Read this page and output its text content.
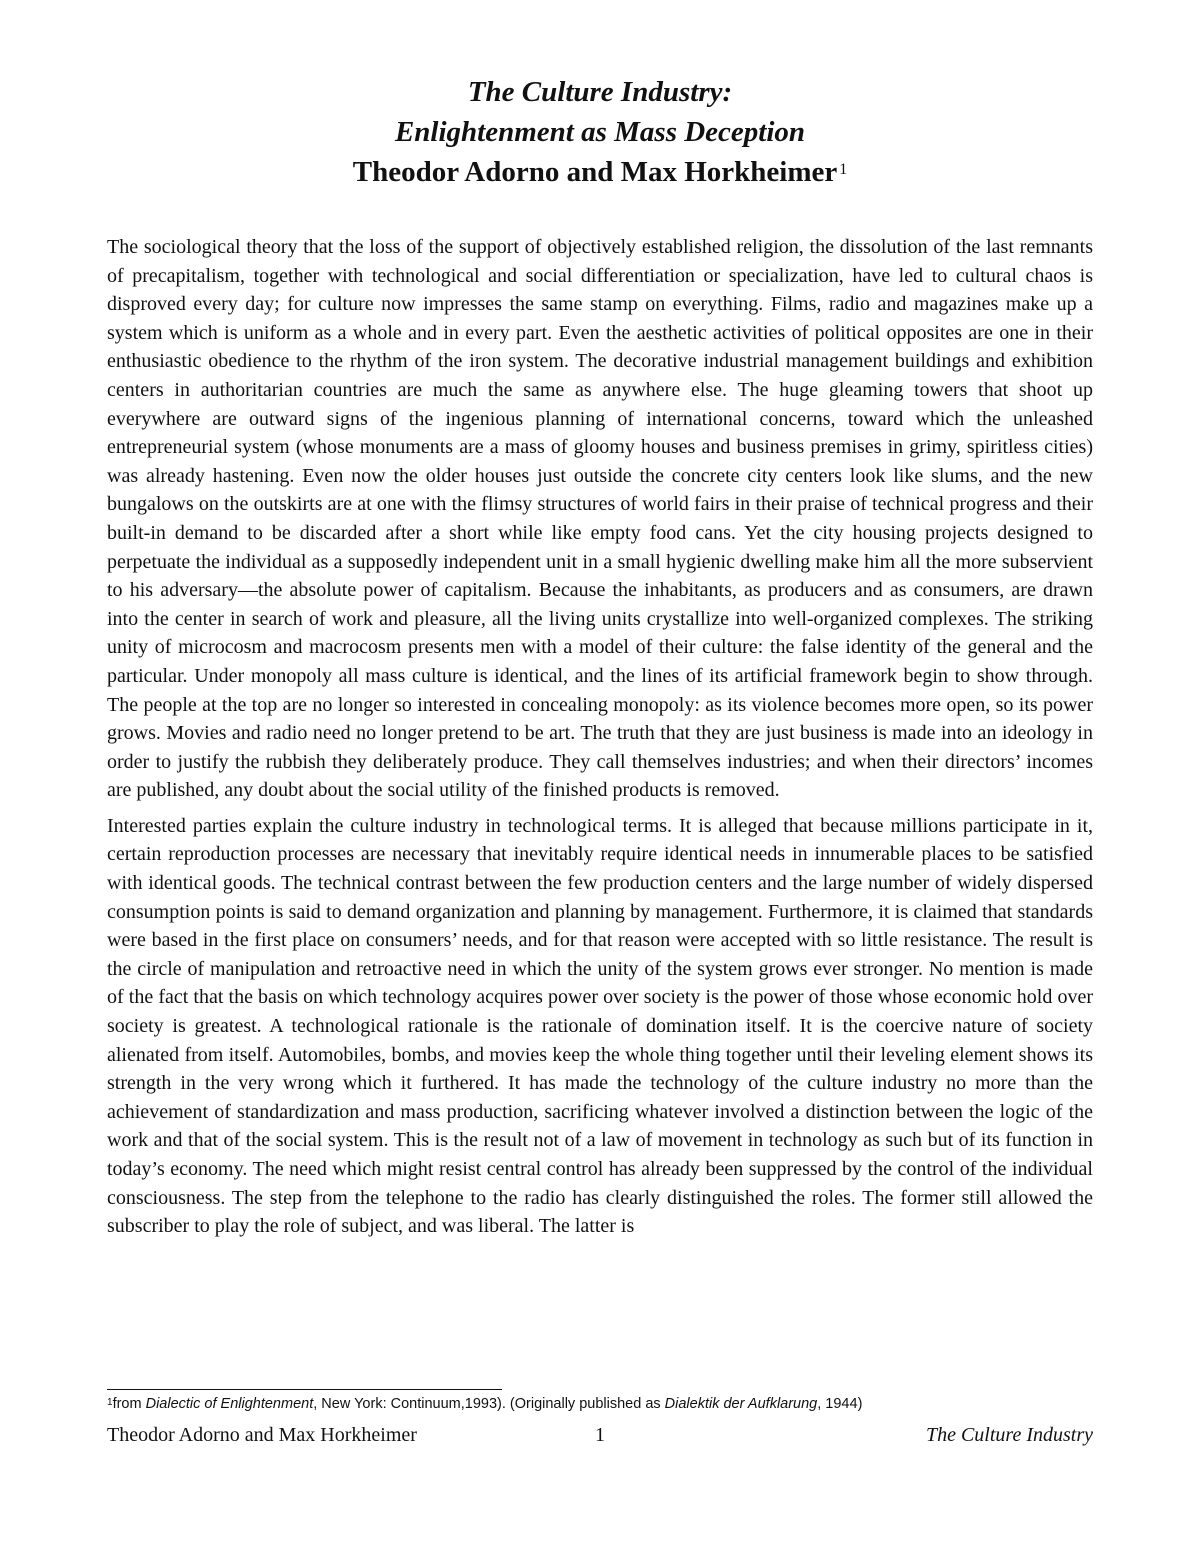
The Culture Industry:
Enlightenment as Mass Deception
Theodor Adorno and Max Horkheimer $^1$

The sociological theory that the loss of the support of objectively established religion, the dissolution of the last remnants of precapitalism, together with technological and social differentiation or specialization, have led to cultural chaos is disproved every day; for culture now impresses the same stamp on everything. Films, radio and magazines make up a system which is uniform as a whole and in every part. Even the aesthetic activities of political opposites are one in their enthusiastic obedience to the rhythm of the iron system. The decorative industrial management buildings and exhibition centers in authoritarian countries are much the same as anywhere else. The huge gleaming towers that shoot up everywhere are outward signs of the ingenious planning of international concerns, toward which the unleashed entrepreneurial system (whose monuments are a mass of gloomy houses and business premises in grimy, spiritless cities) was already hastening. Even now the older houses just outside the concrete city centers look like slums, and the new bungalows on the outskirts are at one with the flimsy structures of world fairs in their praise of technical progress and their built-in demand to be discarded after a short while like empty food cans. Yet the city housing projects designed to perpetuate the individual as a supposedly independent unit in a small hygienic dwelling make him all the more subservient to his adversary—the absolute power of capitalism. Because the inhabitants, as producers and as consumers, are drawn into the center in search of work and pleasure, all the living units crystallize into well-organized complexes. The striking unity of microcosm and macrocosm presents men with a model of their culture: the false identity of the general and the particular. Under monopoly all mass culture is identical, and the lines of its artificial framework begin to show through. The people at the top are no longer so interested in concealing monopoly: as its violence becomes more open, so its power grows. Movies and radio need no longer pretend to be art. The truth that they are just business is made into an ideology in order to justify the rubbish they deliberately produce. They call themselves industries; and when their directors’ incomes are published, any doubt about the social utility of the finished products is removed.

Interested parties explain the culture industry in technological terms. It is alleged that because millions participate in it, certain reproduction processes are necessary that inevitably require identical needs in innumerable places to be satisfied with identical goods. The technical contrast between the few production centers and the large number of widely dispersed consumption points is said to demand organization and planning by management. Furthermore, it is claimed that standards were based in the first place on consumers’ needs, and for that reason were accepted with so little resistance. The result is the circle of manipulation and retroactive need in which the unity of the system grows ever stronger. No mention is made of the fact that the basis on which technology acquires power over society is the power of those whose economic hold over society is greatest. A technological rationale is the rationale of domination itself. It is the coercive nature of society alienated from itself. Automobiles, bombs, and movies keep the whole thing together until their leveling element shows its strength in the very wrong which it furthered. It has made the technology of the culture industry no more than the achievement of standardization and mass production, sacrificing whatever involved a distinction between the logic of the work and that of the social system. This is the result not of a law of movement in technology as such but of its function in today’s economy. The need which might resist central control has already been suppressed by the control of the individual consciousness. The step from the telephone to the radio has clearly distinguished the roles. The former still allowed the subscriber to play the role of subject, and was liberal. The latter is

$^1$from Dialectic of Enlightenment, New York: Continuum,1993). (Originally published as Dialektik der Aufklarung, 1944)
Theodor Adorno and Max Horkheimer	1	The Culture Industry
